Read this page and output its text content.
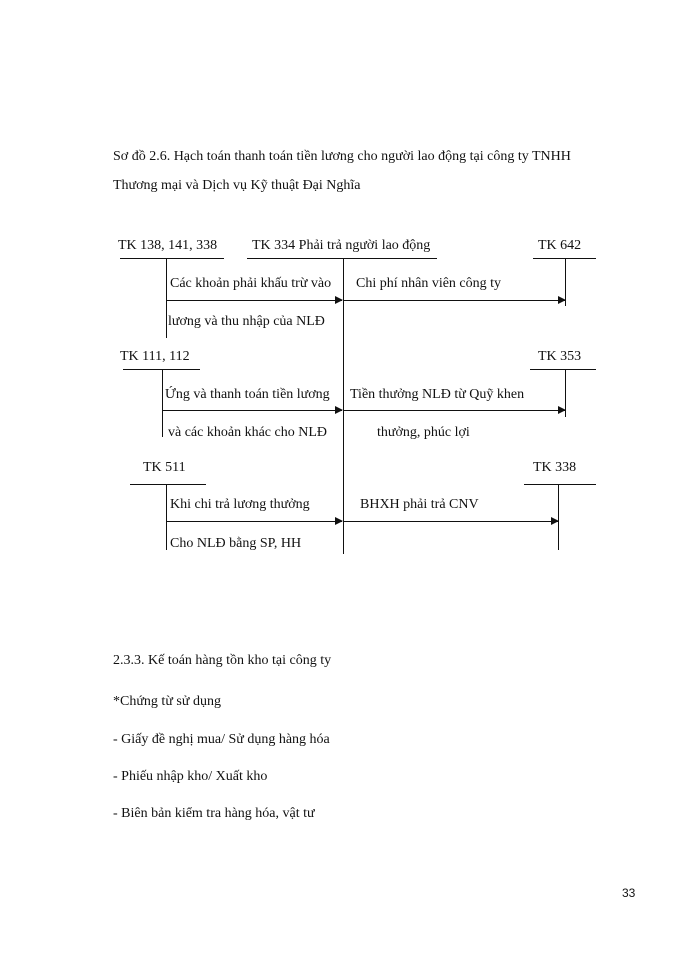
Sơ đồ 2.6. Hạch toán thanh toán tiền lương cho người lao động tại công ty TNHH
Thương mại và Dịch vụ Kỹ thuật Đại Nghĩa
TK 138, 141, 338 TK 334 Phải trả người lao động	TK 642
Các khoản phải khấu trừ vào
lương và thu nhập của NLĐ
Chi phí nhân viên công ty
TK 111, 112	TK 353
Ứng và thanh toán tiền lương
và các khoản khác cho NLĐ
Tiền thưởng NLĐ từ Quỹ khen
thưởng, phúc lợi
TK 511	TK 338
Khi chi trả lương thưởng
Cho NLĐ bằng SP, HH
BHXH phải trả CNV
2.3.3. Kế toán hàng tồn kho tại công ty
*Chứng từ sử dụng
- Giấy đề nghị mua/ Sử dụng hàng hóa
- Phiếu nhập kho/ Xuất kho
- Biên bản kiểm tra hàng hóa, vật tư
33
